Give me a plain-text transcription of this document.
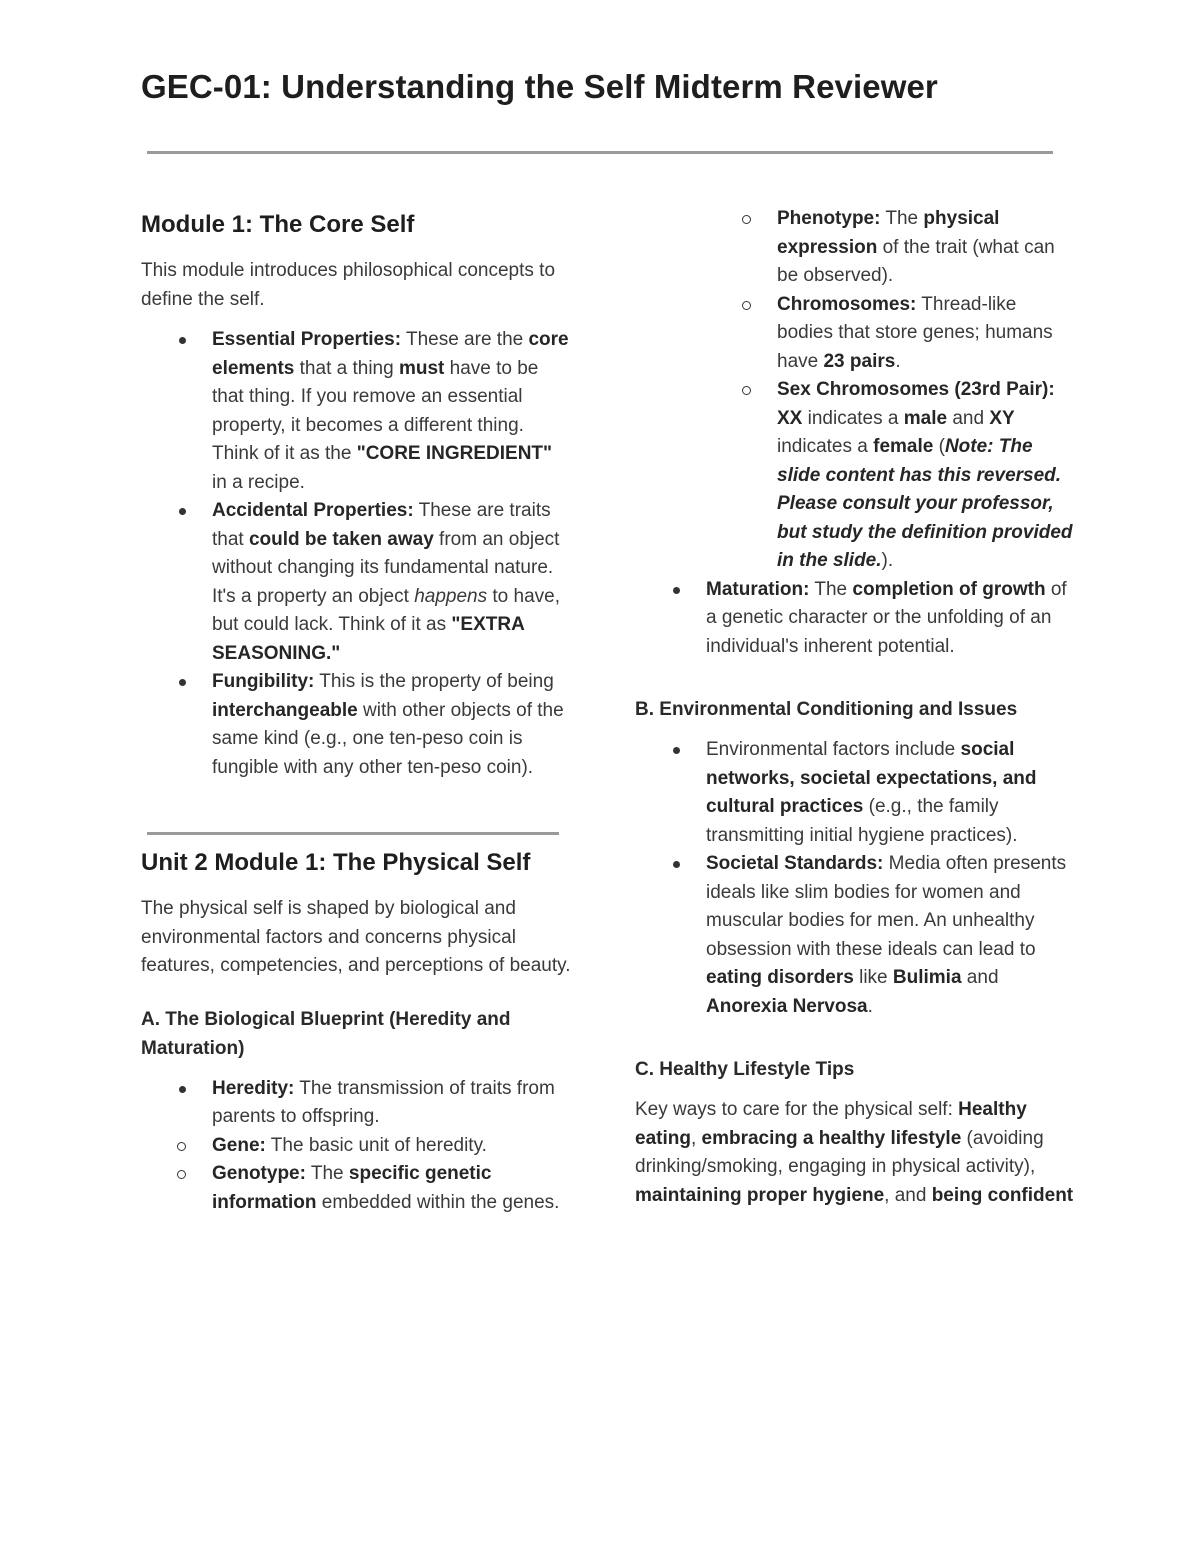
GEC-01: Understanding the Self Midterm Reviewer
Module 1: The Core Self

This module introduces philosophical concepts to define the self.

Essential Properties: These are the core elements that a thing must have to be that thing. If you remove an essential property, it becomes a different thing. Think of it as the "CORE INGREDIENT" in a recipe.
Accidental Properties: These are traits that could be taken away from an object without changing its fundamental nature. It's a property an object happens to have, but could lack. Think of it as "EXTRA SEASONING."
Fungibility: This is the property of being interchangeable with other objects of the same kind (e.g., one ten-peso coin is fungible with any other ten-peso coin).
Unit 2 Module 1: The Physical Self

The physical self is shaped by biological and environmental factors and concerns physical features, competencies, and perceptions of beauty.

A. The Biological Blueprint (Heredity and Maturation)
Heredity: The transmission of traits from parents to offspring.
Gene: The basic unit of heredity.
Genotype: The specific genetic information embedded within the genes.
Phenotype: The physical expression of the trait (what can be observed).
Chromosomes: Thread-like bodies that store genes; humans have 23 pairs.
Sex Chromosomes (23rd Pair): XX indicates a male and XY indicates a female (Note: The slide content has this reversed. Please consult your professor, but study the definition provided in the slide.).
Maturation: The completion of growth of a genetic character or the unfolding of an individual's inherent potential.
B. Environmental Conditioning and Issues
Environmental factors include social networks, societal expectations, and cultural practices (e.g., the family transmitting initial hygiene practices).
Societal Standards: Media often presents ideals like slim bodies for women and muscular bodies for men. An unhealthy obsession with these ideals can lead to eating disorders like Bulimia and Anorexia Nervosa.
C. Healthy Lifestyle Tips

Key ways to care for the physical self: Healthy eating, embracing a healthy lifestyle (avoiding drinking/smoking, engaging in physical activity), maintaining proper hygiene, and being confident
